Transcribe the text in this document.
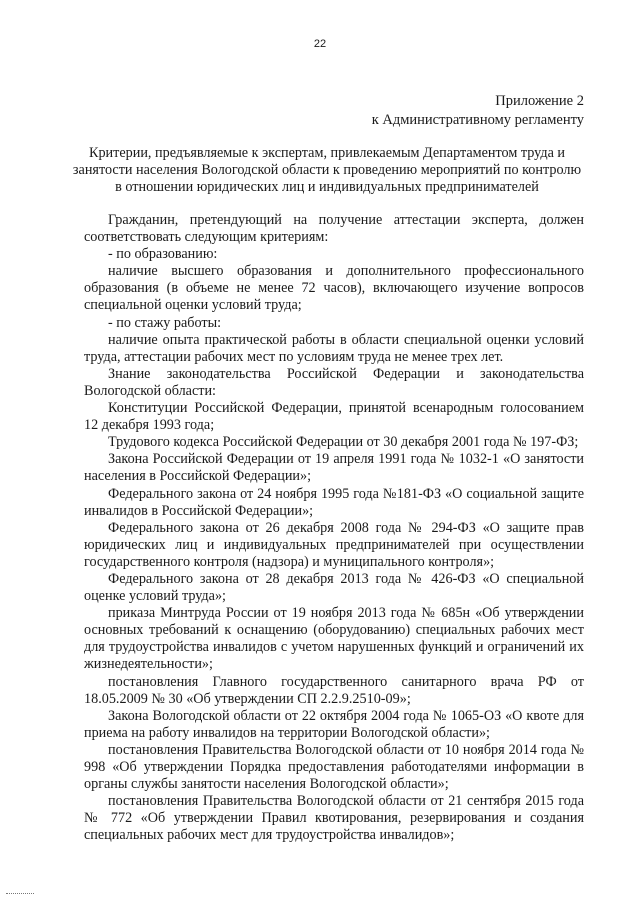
22
Приложение 2
к Административному регламенту
Критерии, предъявляемые к экспертам, привлекаемым Департаментом труда и занятости населения Вологодской области к проведению мероприятий по контролю в отношении юридических лиц и индивидуальных предпринимателей

Гражданин, претендующий на получение аттестации эксперта, должен соответствовать следующим критериям:

- по образованию:

наличие высшего образования и дополнительного профессионального образования (в объеме не менее 72 часов), включающего изучение вопросов специальной оценки условий труда;

- по стажу работы:

наличие опыта практической работы в области специальной оценки условий труда, аттестации рабочих мест по условиям труда не менее трех лет.

Знание законодательства Российской Федерации и законодательства Вологодской области:

Конституции Российской Федерации, принятой всенародным голосованием 12 декабря 1993 года;

Трудового кодекса Российской Федерации от 30 декабря 2001 года № 197-ФЗ;

Закона Российской Федерации от 19 апреля 1991 года № 1032-1 «О занятости населения в Российской Федерации»;

Федерального закона от 24 ноября 1995 года №181-ФЗ «О социальной защите инвалидов в Российской Федерации»;

Федерального закона от 26 декабря 2008 года № 294-ФЗ «О защите прав юридических лиц и индивидуальных предпринимателей при осуществлении государственного контроля (надзора) и муниципального контроля»;

Федерального закона от 28 декабря 2013 года № 426-ФЗ «О специальной оценке условий труда»;

приказа Минтруда России от 19 ноября 2013 года № 685н «Об утверждении основных требований к оснащению (оборудованию) специальных рабочих мест для трудоустройства инвалидов с учетом нарушенных функций и ограничений их жизнедеятельности»;

постановления Главного государственного санитарного врача РФ от 18.05.2009 № 30 «Об утверждении СП 2.2.9.2510-09»;

Закона Вологодской области от 22 октября 2004 года № 1065-ОЗ «О квоте для приема на работу инвалидов на территории Вологодской области»;

постановления Правительства Вологодской области от 10 ноября 2014 года № 998 «Об утверждении Порядка предоставления работодателями информации в органы службы занятости населения Вологодской области»;

постановления Правительства Вологодской области от 21 сентября 2015 года № 772 «Об утверждении Правил квотирования, резервирования и создания специальных рабочих мест для трудоустройства инвалидов»;
